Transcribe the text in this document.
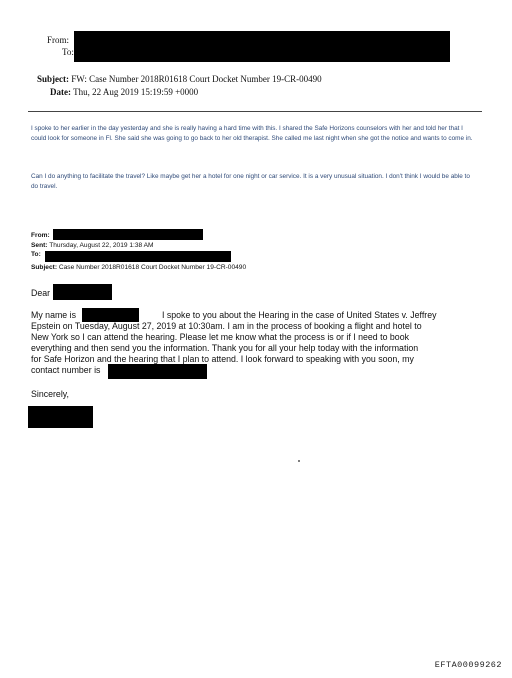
From:
To:
Subject: FW: Case Number 2018R01618 Court Docket Number 19-CR-00490
Date: Thu, 22 Aug 2019 15:19:59 +0000
I spoke to her earlier in the day yesterday and she is really having a hard time with this. I shared the Safe Horizons counselors with her and told her that I could look for someone in Fl. She said she was going to go back to her old therapist. She called me last night when she got the notice and wants to come in.
Can I do anything to facilitate the travel? Like maybe get her a hotel for one night or car service. It is a very unusual situation. I don't think I would be able to do travel.
From:
Sent: Thursday, August 22, 2019 1:38 AM
To:
Subject: Case Number 2018R01618 Court Docket Number 19-CR-00490
Dear
My name is	I spoke to you about the Hearing in the case of United States v. Jeffrey
Epstein on Tuesday, August 27, 2019 at 10:30am. I am in the process of booking a flight and hotel to
New York so I can attend the hearing. Please let me know what the process is or if I need to book
everything and then send you the information. Thank you for all your help today with the information
for Safe Horizon and the hearing that I plan to attend. I look forward to speaking with you soon, my
contact number is
Sincerely,
EFTA00099262
